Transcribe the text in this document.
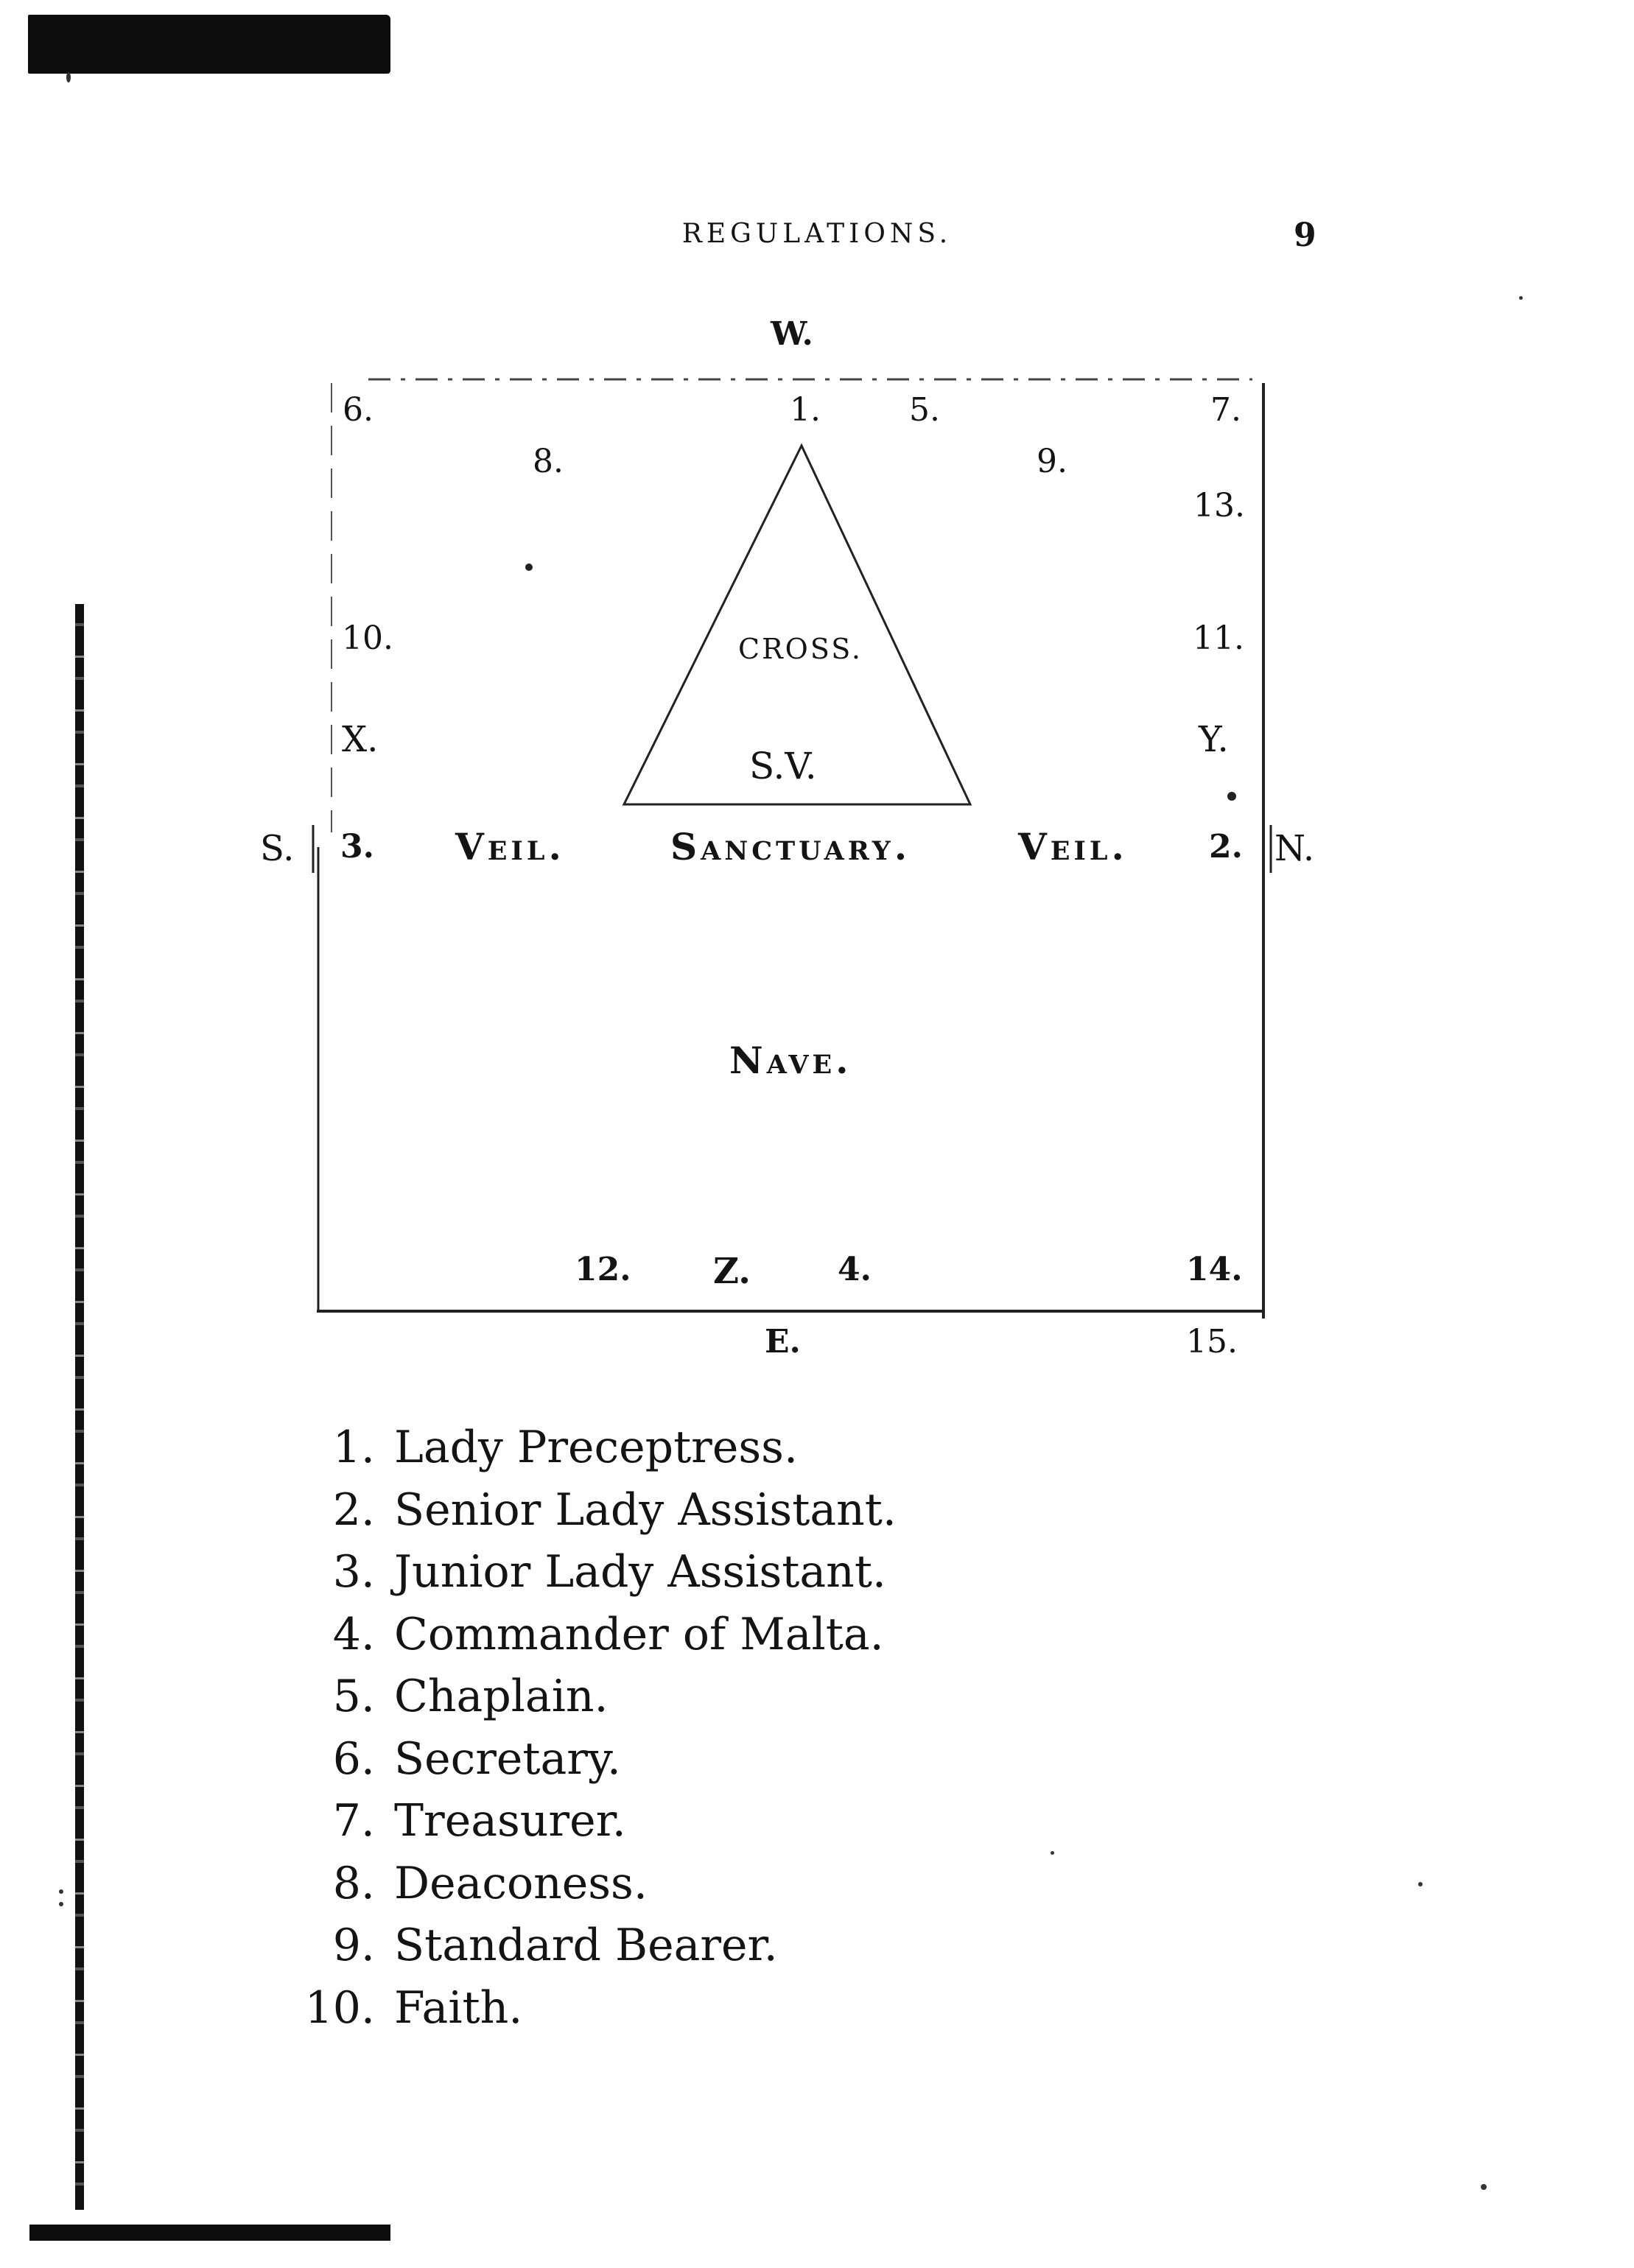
REGULATIONS.	9
W.
E.
S.	N.
1.
2.
3.
4.
5.
6.	7.
8.	9.
10.	11.
12.
13.
14.
15.
X.	Y.
Z.
CROSS.
S.V.
Veil.	Sanctuary.	Veil.
Nave.
1. Lady Preceptress.
2. Senior Lady Assistant.
3. Junior Lady Assistant.
4. Commander of Malta.
5. Chaplain.
6. Secretary.
7. Treasurer.
8. Deaconess.
9. Standard Bearer.
10. Faith.
